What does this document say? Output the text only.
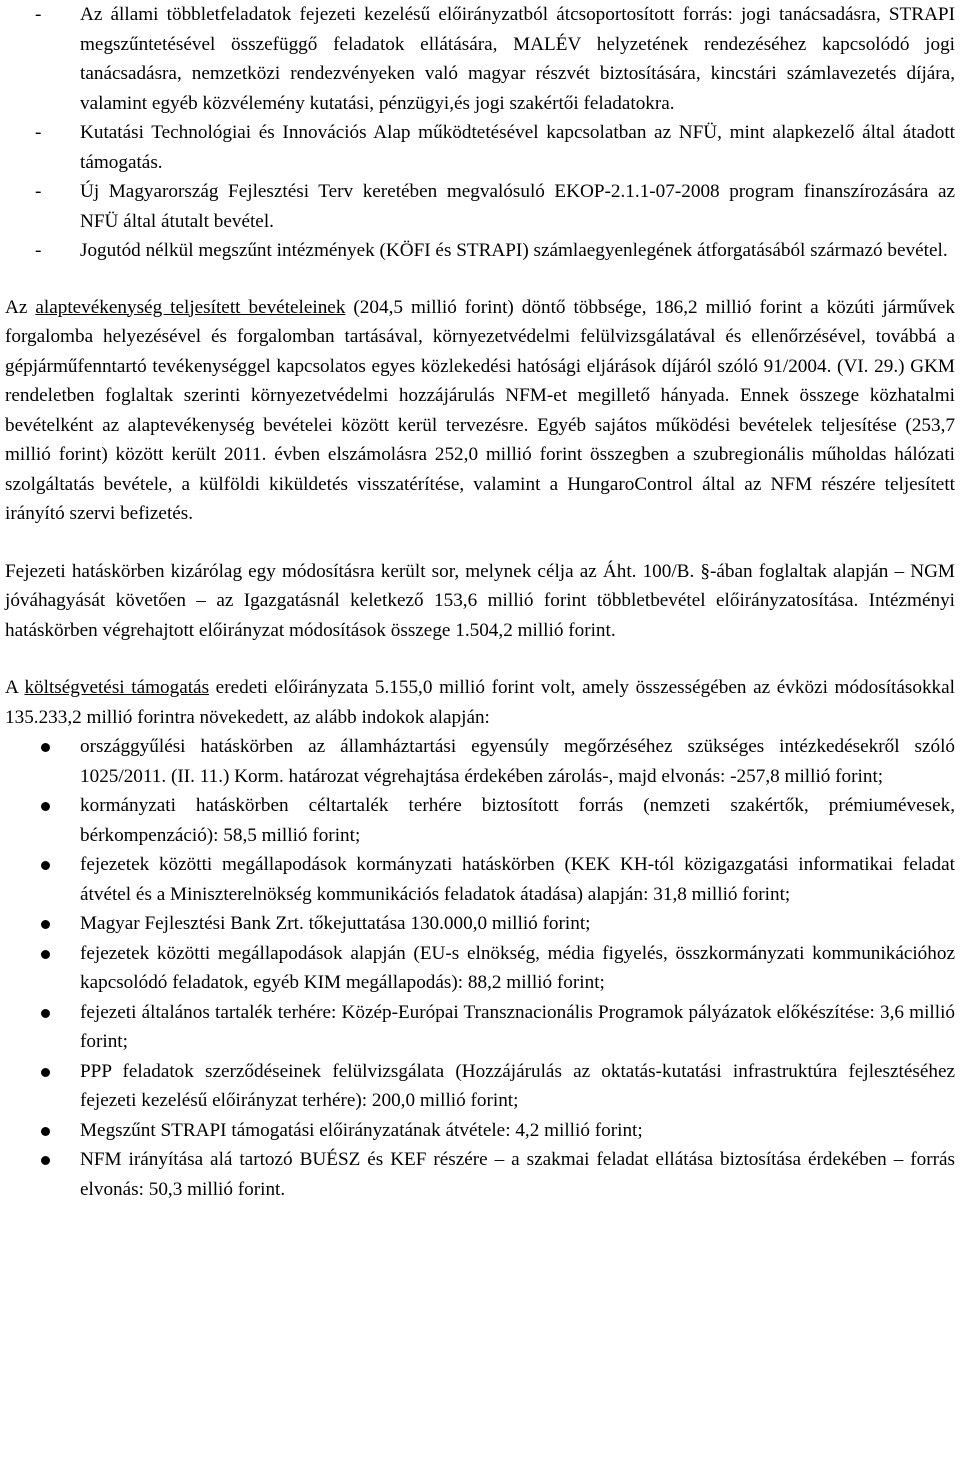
- Az állami többletfeladatok fejezeti kezelésű előirányzatból átcsoportosított forrás: jogi tanácsadásra, STRAPI megszűntetésével összefüggő feladatok ellátására, MALÉV helyzetének rendezéséhez kapcsolódó jogi tanácsadásra, nemzetközi rendezvényeken való magyar részvét biztosítására, kincstári számlavezetés díjára, valamint egyéb közvélemény kutatási, pénzügyi,és jogi szakértői feladatokra.
- Kutatási Technológiai és Innovációs Alap működtetésével kapcsolatban az NFÜ, mint alapkezelő által átadott támogatás.
- Új Magyarország Fejlesztési Terv keretében megvalósuló EKOP-2.1.1-07-2008 program finanszírozására az NFÜ által átutalt bevétel.
- Jogutód nélkül megszűnt intézmények (KÖFI és STRAPI) számlaegyenlegének átforgatásából származó bevétel.

Az alaptevékenység teljesített bevételeinek (204,5 millió forint) döntő többsége, 186,2 millió forint a közúti járművek forgalomba helyezésével és forgalomban tartásával, környezetvédelmi felülvizsgálatával és ellenőrzésével, továbbá a gépjárműfenntartó tevékenységgel kapcsolatos egyes közlekedési hatósági eljárások díjáról szóló 91/2004. (VI. 29.) GKM rendeletben foglaltak szerinti környezetvédelmi hozzájárulás NFM-et megillető hányada. Ennek összege közhatalmi bevételként az alaptevékenység bevételei között kerül tervezésre. Egyéb sajátos működési bevételek teljesítése (253,7 millió forint) között került 2011. évben elszámolásra 252,0 millió forint összegben a szubregionális műholdas hálózati szolgáltatás bevétele, a külföldi kiküldetés visszatérítése, valamint a HungaroControl által az NFM részére teljesített irányító szervi befizetés.

Fejezeti hatáskörben kizárólag egy módosításra került sor, melynek célja az Áht. 100/B. §-ában foglaltak alapján – NGM jóváhagyását követően – az Igazgatásnál keletkező 153,6 millió forint többletbevétel előirányzatosítása. Intézményi hatáskörben végrehajtott előirányzat módosítások összege 1.504,2 millió forint.

A költségvetési támogatás eredeti előirányzata 5.155,0 millió forint volt, amely összességében az évközi módosításokkal 135.233,2 millió forintra növekedett, az alább indokok alapján:

országgyűlési hatáskörben az államháztartási egyensúly megőrzéséhez szükséges intézkedésekről szóló 1025/2011. (II. 11.) Korm. határozat végrehajtása érdekében zárolás-, majd elvonás: -257,8 millió forint;
kormányzati hatáskörben céltartalék terhére biztosított forrás (nemzeti szakértők, prémiumévesek, bérkompenzáció): 58,5 millió forint;
fejezetek közötti megállapodások kormányzati hatáskörben (KEK KH-tól közigazgatási informatikai feladat átvétel és a Miniszterelnökség kommunikációs feladatok átadása) alapján: 31,8 millió forint;
Magyar Fejlesztési Bank Zrt. tőkejuttatása 130.000,0 millió forint;
fejezetek közötti megállapodások alapján (EU-s elnökség, média figyelés, összkormányzati kommunikációhoz kapcsolódó feladatok, egyéb KIM megállapodás): 88,2 millió forint;
fejezeti általános tartalék terhére: Közép-Európai Transznacionális Programok pályázatok előkészítése: 3,6 millió forint;
PPP feladatok szerződéseinek felülvizsgálata (Hozzájárulás az oktatás-kutatási infrastruktúra fejlesztéséhez fejezeti kezelésű előirányzat terhére): 200,0 millió forint;
Megszűnt STRAPI támogatási előirányzatának átvétele: 4,2 millió forint;
NFM irányítása alá tartozó BUÉSZ és KEF részére – a szakmai feladat ellátása biztosítása érdekében – forrás elvonás: 50,3 millió forint.
